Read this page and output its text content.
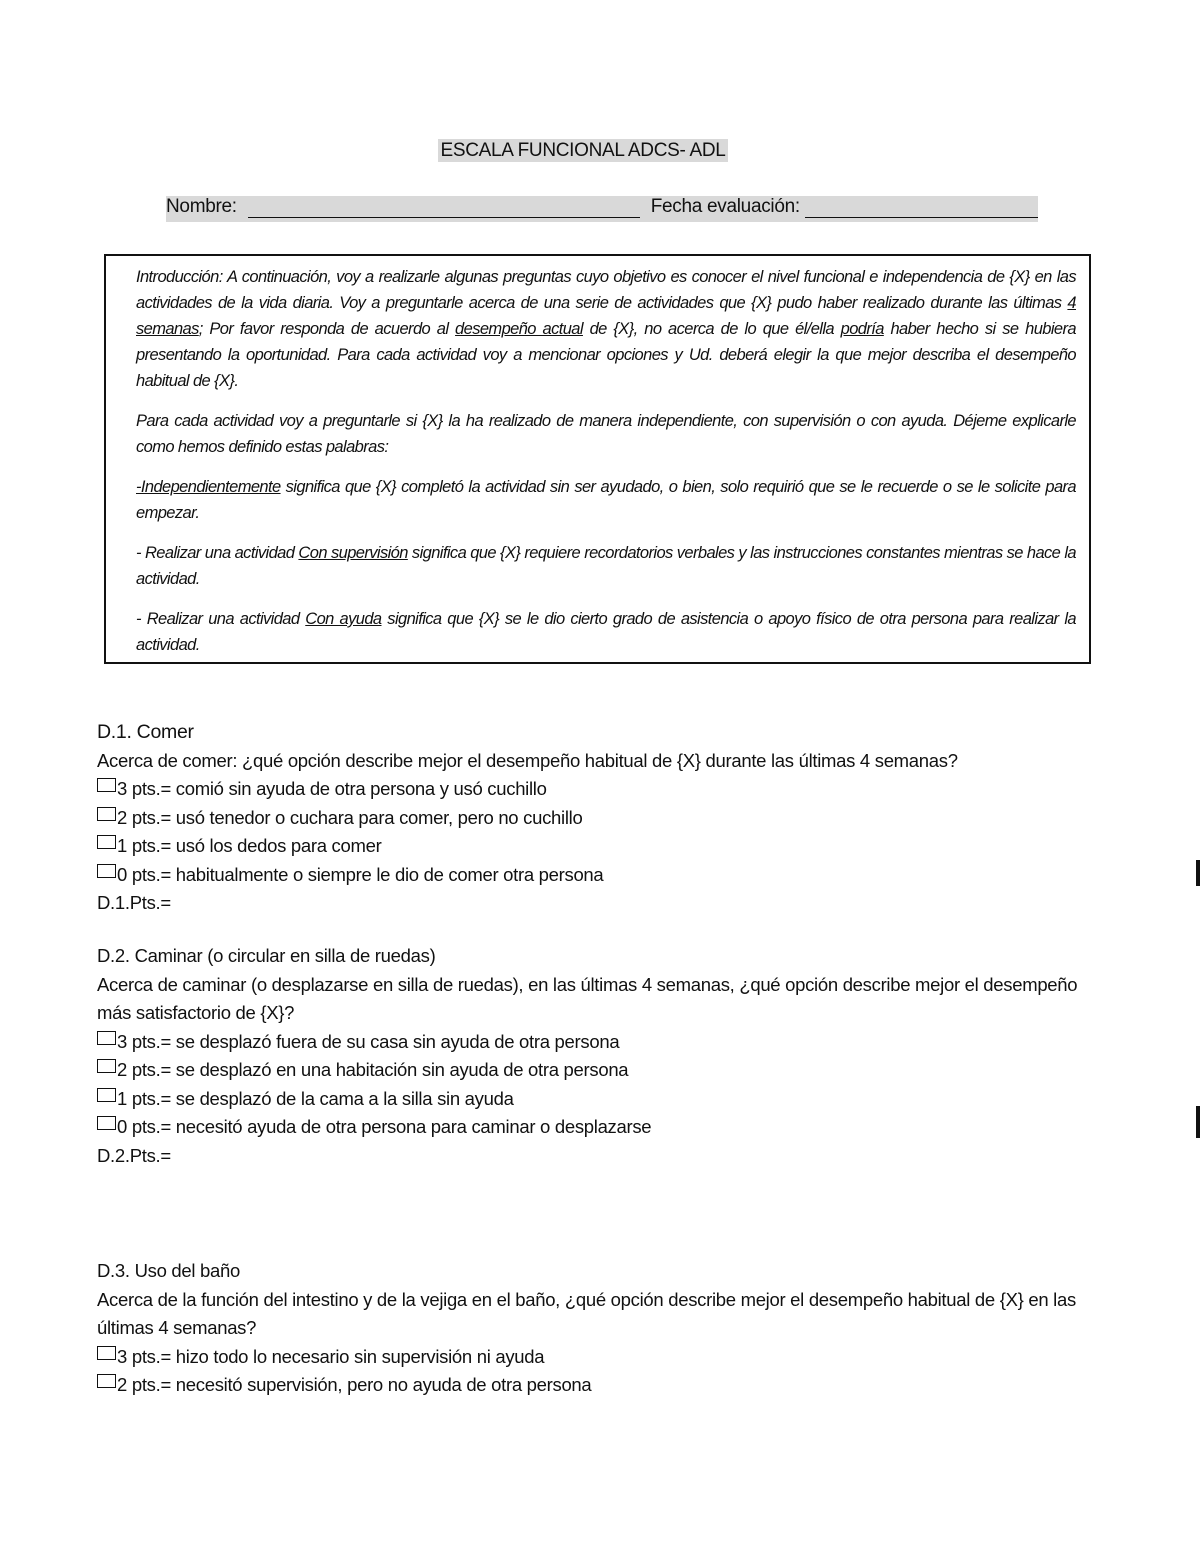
ESCALA FUNCIONAL ADCS- ADL
Nombre:	Fecha evaluación:

Introducción: A continuación, voy a realizarle algunas preguntas cuyo objetivo es conocer el nivel funcional e independencia de {X} en las actividades de la vida diaria. Voy a preguntarle acerca de una serie de actividades que {X} pudo haber realizado durante las últimas 4 semanas; Por favor responda de acuerdo al desempeño actual de {X}, no acerca de lo que él/ella podría haber hecho si se hubiera presentando la oportunidad. Para cada actividad voy a mencionar opciones y Ud. deberá elegir la que mejor describa el desempeño habitual de {X}.

Para cada actividad voy a preguntarle si {X} la ha realizado de manera independiente, con supervisión o con ayuda. Déjeme explicarle como hemos definido estas palabras:

-Independientemente significa que {X} completó la actividad sin ser ayudado, o bien, solo requirió que se le recuerde o se le solicite para empezar.

- Realizar una actividad Con supervisión significa que {X} requiere recordatorios verbales y las instrucciones constantes mientras se hace la actividad.

- Realizar una actividad Con ayuda significa que {X} se le dio cierto grado de asistencia o apoyo físico de otra persona para realizar la actividad.

D.1. Comer
Acerca de comer: ¿qué opción describe mejor el desempeño habitual de {X} durante las últimas 4 semanas?
3 pts.= comió sin ayuda de otra persona y usó cuchillo
2 pts.= usó tenedor o cuchara para comer, pero no cuchillo
1 pts.= usó los dedos para comer
0 pts.= habitualmente o siempre le dio de comer otra persona
D.1.Pts.=
D.2. Caminar (o circular en silla de ruedas)
Acerca de caminar (o desplazarse en silla de ruedas), en las últimas 4 semanas, ¿qué opción describe mejor el desempeño más satisfactorio de {X}?
3 pts.= se desplazó fuera de su casa sin ayuda de otra persona
2 pts.= se desplazó en una habitación sin ayuda de otra persona
1 pts.= se desplazó de la cama a la silla sin ayuda
0 pts.= necesitó ayuda de otra persona para caminar o desplazarse
D.2.Pts.=
D.3. Uso del baño
Acerca de la función del intestino y de la vejiga en el baño, ¿qué opción describe mejor el desempeño habitual de {X} en las últimas 4 semanas?
3 pts.= hizo todo lo necesario sin supervisión ni ayuda
2 pts.= necesitó supervisión, pero no ayuda de otra persona
